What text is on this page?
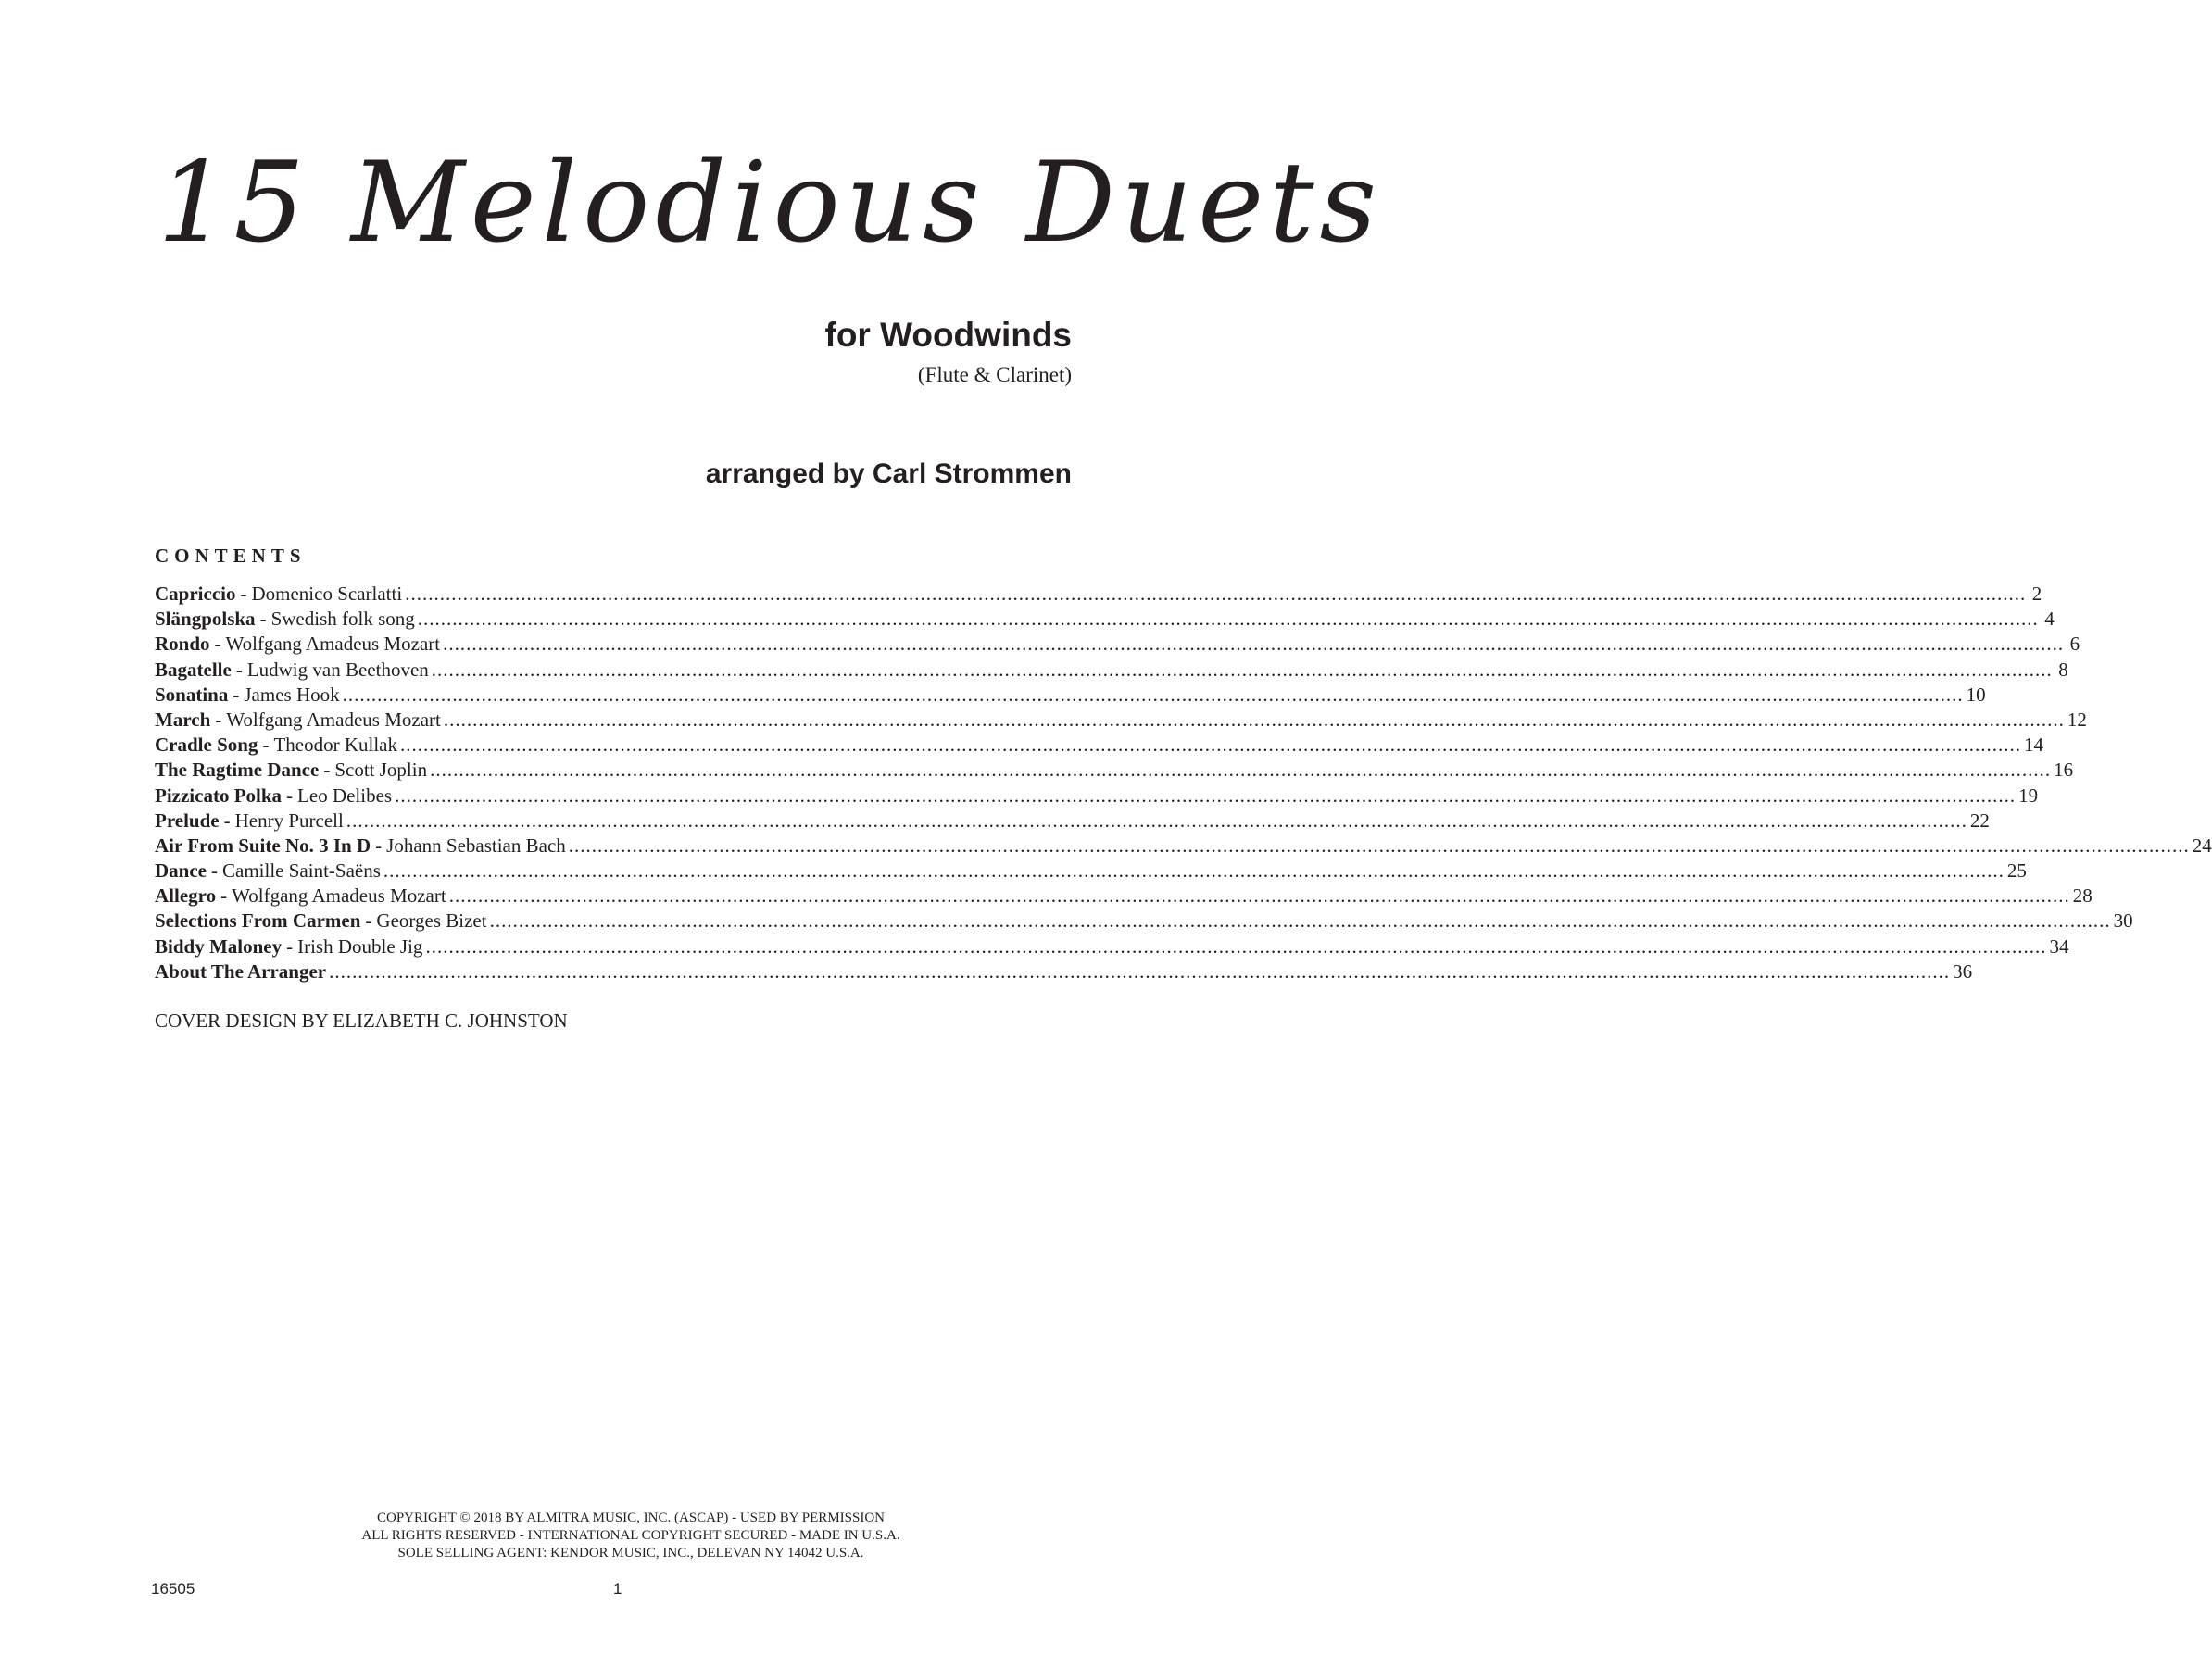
15 Melodious Duets
for Woodwinds
(Flute & Clarinet)
arranged by Carl Strommen
CONTENTS
Capriccio - Domenico Scarlatti .....	2
Slängpolska - Swedish folk song .....	4
Rondo - Wolfgang Amadeus Mozart .....	6
Bagatelle - Ludwig van Beethoven .....	8
Sonatina - James Hook .....	10
March - Wolfgang Amadeus Mozart .....	12
Cradle Song - Theodor Kullak .....	14
The Ragtime Dance - Scott Joplin .....	16
Pizzicato Polka - Leo Delibes .....	19
Prelude - Henry Purcell .....	22
Air From Suite No. 3 In D - Johann Sebastian Bach .....	24
Dance - Camille Saint-Saëns .....	25
Allegro - Wolfgang Amadeus Mozart .....	28
Selections From Carmen - Georges Bizet .....	30
Biddy Maloney - Irish Double Jig .....	34
About The Arranger .....	36
COVER DESIGN BY ELIZABETH C. JOHNSTON
COPYRIGHT © 2018 BY ALMITRA MUSIC, INC. (ASCAP) - USED BY PERMISSION
ALL RIGHTS RESERVED - INTERNATIONAL COPYRIGHT SECURED - MADE IN U.S.A.
SOLE SELLING AGENT: KENDOR MUSIC, INC., DELEVAN NY 14042 U.S.A.
16505	1
